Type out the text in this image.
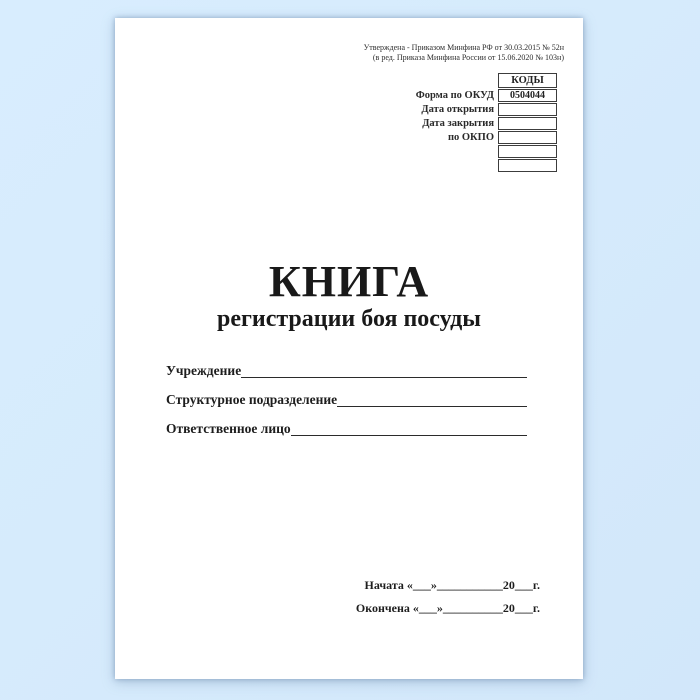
Утверждена - Приказом Минфина РФ от 30.03.2015 № 52н
(в ред. Приказа Минфина России от 15.06.2020 № 103н)
КОДЫ
Форма по ОКУД	0504044
Дата открытия
Дата закрытия
по ОКПО
КНИГА
регистрации боя посуды
Учреждение
Структурное подразделение
Ответственное лицо
Начата «___»___________20___г.
Окончена «___»__________20___г.
